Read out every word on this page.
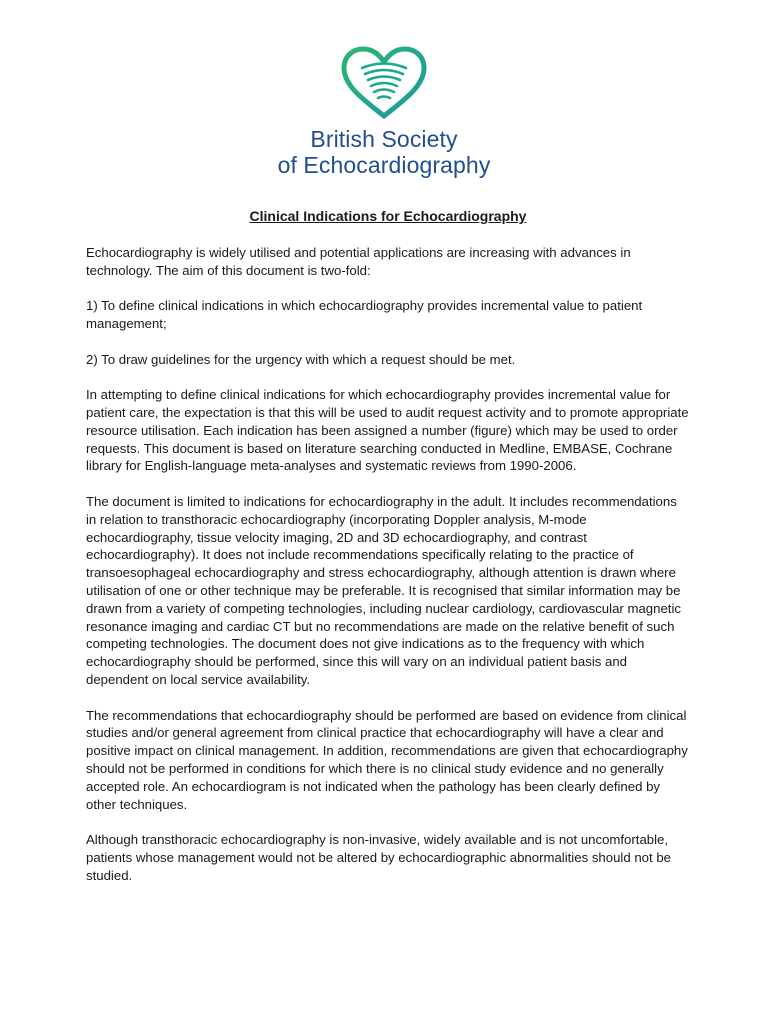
British Society
of Echocardiography
Clinical Indications for Echocardiography

Echocardiography is widely utilised and potential applications are increasing with advances in technology. The aim of this document is two-fold:

1) To define clinical indications in which echocardiography provides incremental value to patient management;

2) To draw guidelines for the urgency with which a request should be met.

In attempting to define clinical indications for which echocardiography provides incremental value for patient care, the expectation is that this will be used to audit request activity and to promote appropriate resource utilisation. Each indication has been assigned a number (figure) which may be used to order requests. This document is based on literature searching conducted in Medline, EMBASE, Cochrane library for English-language meta-analyses and systematic reviews from 1990-2006.

The document is limited to indications for echocardiography in the adult. It includes recommendations in relation to transthoracic echocardiography (incorporating Doppler analysis, M-mode echocardiography, tissue velocity imaging, 2D and 3D echocardiography, and contrast echocardiography). It does not include recommendations specifically relating to the practice of transoesophageal echocardiography and stress echocardiography, although attention is drawn where utilisation of one or other technique may be preferable. It is recognised that similar information may be drawn from a variety of competing technologies, including nuclear cardiology, cardiovascular magnetic resonance imaging and cardiac CT but no recommendations are made on the relative benefit of such competing technologies. The document does not give indications as to the frequency with which echocardiography should be performed, since this will vary on an individual patient basis and dependent on local service availability.

The recommendations that echocardiography should be performed are based on evidence from clinical studies and/or general agreement from clinical practice that echocardiography will have a clear and positive impact on clinical management. In addition, recommendations are given that echocardiography should not be performed in conditions for which there is no clinical study evidence and no generally accepted role. An echocardiogram is not indicated when the pathology has been clearly defined by other techniques.

Although transthoracic echocardiography is non-invasive, widely available and is not uncomfortable, patients whose management would not be altered by echocardiographic abnormalities should not be studied.
